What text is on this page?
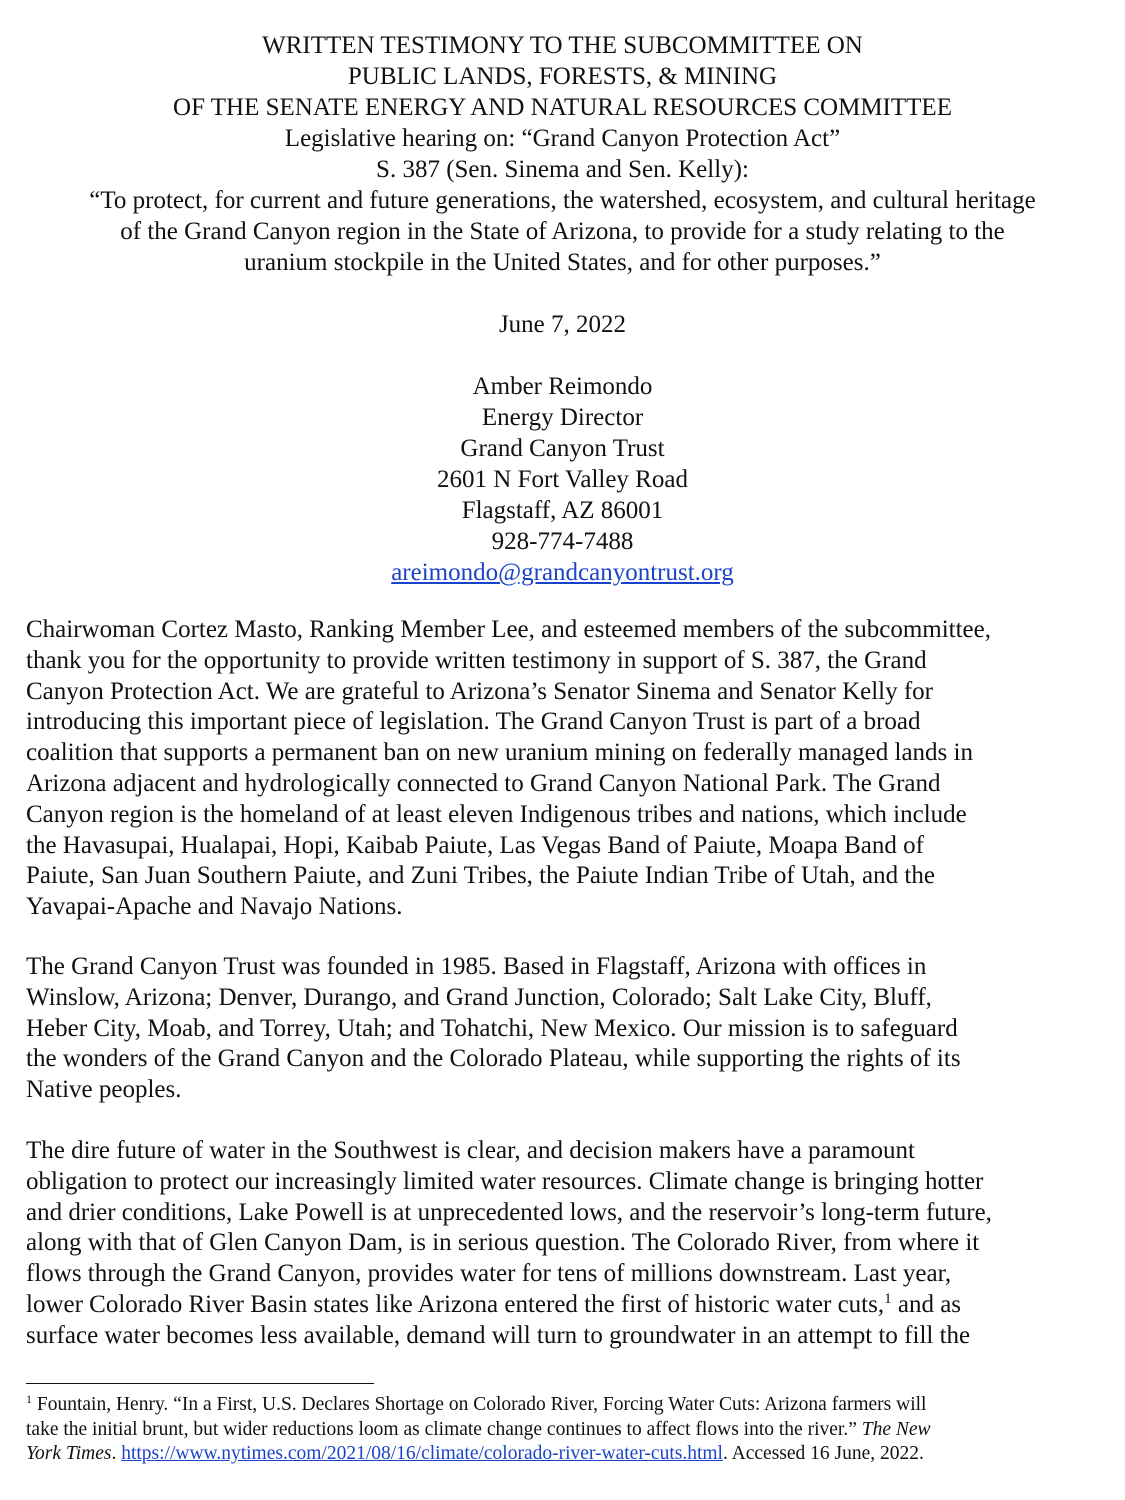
WRITTEN TESTIMONY TO THE SUBCOMMITTEE ON
PUBLIC LANDS, FORESTS, & MINING
OF THE SENATE ENERGY AND NATURAL RESOURCES COMMITTEE
Legislative hearing on: “Grand Canyon Protection Act”
S. 387 (Sen. Sinema and Sen. Kelly):
“To protect, for current and future generations, the watershed, ecosystem, and cultural heritage
of the Grand Canyon region in the State of Arizona, to provide for a study relating to the
uranium stockpile in the United States, and for other purposes.”
June 7, 2022
Amber Reimondo
Energy Director
Grand Canyon Trust
2601 N Fort Valley Road
Flagstaff, AZ 86001
928-774-7488
areimondo@grandcanyontrust.org
Chairwoman Cortez Masto, Ranking Member Lee, and esteemed members of the subcommittee,
thank you for the opportunity to provide written testimony in support of S. 387, the Grand
Canyon Protection Act. We are grateful to Arizona’s Senator Sinema and Senator Kelly for
introducing this important piece of legislation. The Grand Canyon Trust is part of a broad
coalition that supports a permanent ban on new uranium mining on federally managed lands in
Arizona adjacent and hydrologically connected to Grand Canyon National Park. The Grand
Canyon region is the homeland of at least eleven Indigenous tribes and nations, which include
the Havasupai, Hualapai, Hopi, Kaibab Paiute, Las Vegas Band of Paiute, Moapa Band of
Paiute, San Juan Southern Paiute, and Zuni Tribes, the Paiute Indian Tribe of Utah, and the
Yavapai-Apache and Navajo Nations.
The Grand Canyon Trust was founded in 1985. Based in Flagstaff, Arizona with offices in
Winslow, Arizona; Denver, Durango, and Grand Junction, Colorado; Salt Lake City, Bluff,
Heber City, Moab, and Torrey, Utah; and Tohatchi, New Mexico. Our mission is to safeguard
the wonders of the Grand Canyon and the Colorado Plateau, while supporting the rights of its
Native peoples.
The dire future of water in the Southwest is clear, and decision makers have a paramount
obligation to protect our increasingly limited water resources. Climate change is bringing hotter
and drier conditions, Lake Powell is at unprecedented lows, and the reservoir’s long-term future,
along with that of Glen Canyon Dam, is in serious question. The Colorado River, from where it
flows through the Grand Canyon, provides water for tens of millions downstream. Last year,
lower Colorado River Basin states like Arizona entered the first of historic water cuts,$^1$ and as
surface water becomes less available, demand will turn to groundwater in an attempt to fill the
$^1$ Fountain, Henry. “In a First, U.S. Declares Shortage on Colorado River, Forcing Water Cuts: Arizona farmers will
take the initial brunt, but wider reductions loom as climate change continues to affect flows into the river.” The New
York Times. https://www.nytimes.com/2021/08/16/climate/colorado-river-water-cuts.html. Accessed 16 June, 2022.
